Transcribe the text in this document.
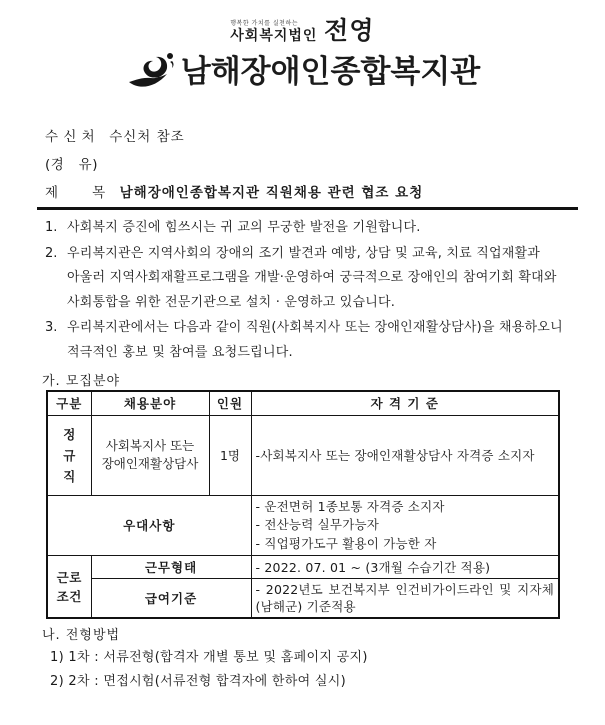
행복한 가치를 실천하는
사회복지법인 전영
남해장애인종합복지관
수 신 처 수신처 참조
(경   유)
제       목 남해장애인종합복지관 직원채용 관련 협조 요청
1. 사회복지 증진에 힘쓰시는 귀 교의 무궁한 발전을 기원합니다.
2. 우리복지관은 지역사회의 장애의 조기 발견과 예방, 상담 및 교육, 치료 직업재활과
아울러 지역사회재활프로그램을 개발·운영하여 궁극적으로 장애인의 참여기회 확대와
사회통합을 위한 전문기관으로 설치 · 운영하고 있습니다.
3. 우리복지관에서는 다음과 같이 직원(사회복지사 또는 장애인재활상담사)을 채용하오니
적극적인 홍보 및 참여를 요청드립니다.
가. 모집분야
구분	채용분야	인원	자 격 기 준
정규직	사회복지사 또는
장애인재활상담사	1명	-사회복지사 또는 장애인재활상담사 자격증 소지자
우대사항			- 운전면허 1종보통 자격증 소지자
- 전산능력 실무가능자
- 직업평가도구 활용이 가능한 자

근로조건	근무형태		- 2022. 07. 01 ~ (3개월 수습기간 적용)
	급여기준		- 2022년도 보건복지부 인건비가이드라인 및 지자체(남해군) 기준적용
나. 전형방법
1) 1차 : 서류전형(합격자 개별 통보 및 홈페이지 공지)
2) 2차 : 면접시험(서류전형 합격자에 한하여 실시)
